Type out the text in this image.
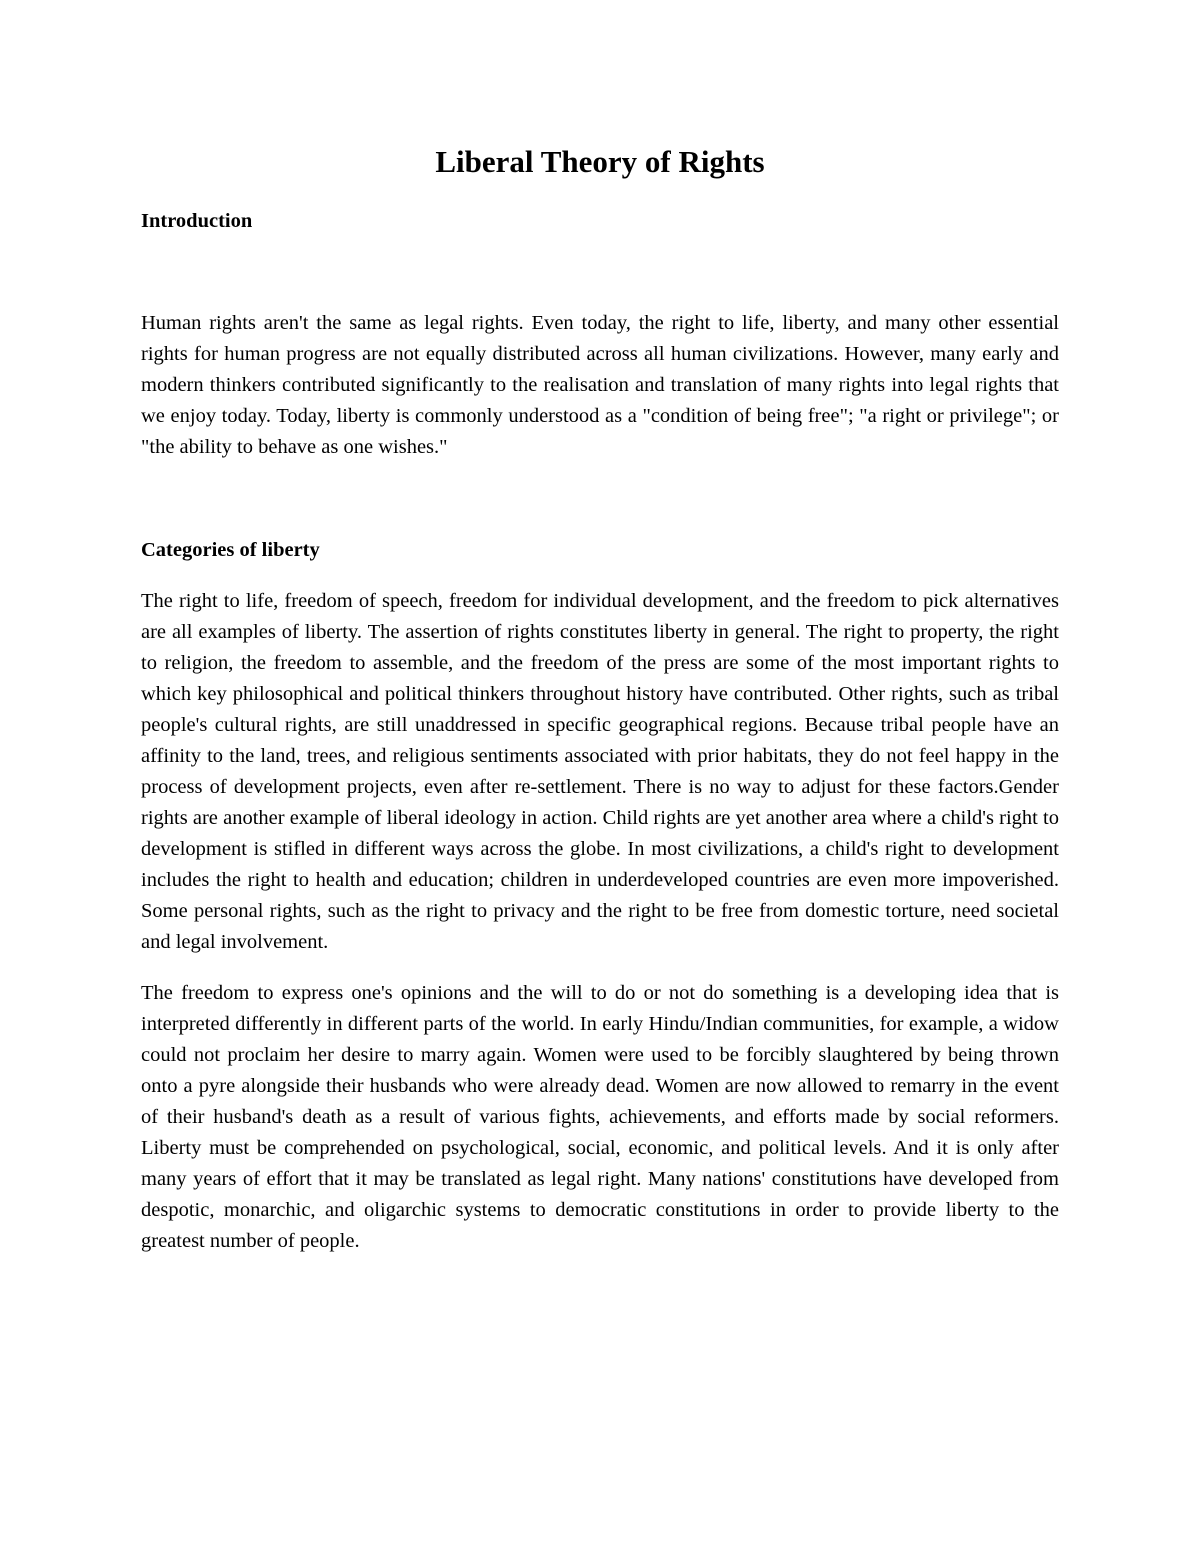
Liberal Theory of Rights
Introduction

Human rights aren't the same as legal rights. Even today, the right to life, liberty, and many other essential rights for human progress are not equally distributed across all human civilizations. However, many early and modern thinkers contributed significantly to the realisation and translation of many rights into legal rights that we enjoy today. Today, liberty is commonly understood as a "condition of being free"; "a right or privilege"; or "the ability to behave as one wishes."

Categories of liberty

The right to life, freedom of speech, freedom for individual development, and the freedom to pick alternatives are all examples of liberty. The assertion of rights constitutes liberty in general. The right to property, the right to religion, the freedom to assemble, and the freedom of the press are some of the most important rights to which key philosophical and political thinkers throughout history have contributed. Other rights, such as tribal people's cultural rights, are still unaddressed in specific geographical regions. Because tribal people have an affinity to the land, trees, and religious sentiments associated with prior habitats, they do not feel happy in the process of development projects, even after re-settlement. There is no way to adjust for these factors.Gender rights are another example of liberal ideology in action. Child rights are yet another area where a child's right to development is stifled in different ways across the globe. In most civilizations, a child's right to development includes the right to health and education; children in underdeveloped countries are even more impoverished. Some personal rights, such as the right to privacy and the right to be free from domestic torture, need societal and legal involvement.

The freedom to express one's opinions and the will to do or not do something is a developing idea that is interpreted differently in different parts of the world. In early Hindu/Indian communities, for example, a widow could not proclaim her desire to marry again. Women were used to be forcibly slaughtered by being thrown onto a pyre alongside their husbands who were already dead. Women are now allowed to remarry in the event of their husband's death as a result of various fights, achievements, and efforts made by social reformers. Liberty must be comprehended on psychological, social, economic, and political levels. And it is only after many years of effort that it may be translated as legal right. Many nations' constitutions have developed from despotic, monarchic, and oligarchic systems to democratic constitutions in order to provide liberty to the greatest number of people.
